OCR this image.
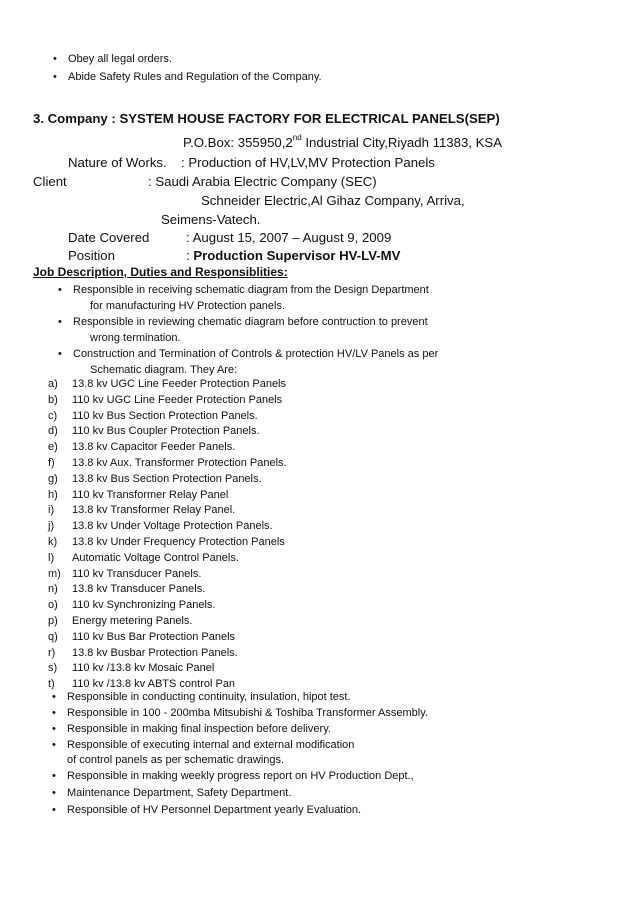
• Obey all legal orders.
• Abide Safety Rules and Regulation of the Company.
3. Company : SYSTEM HOUSE FACTORY FOR ELECTRICAL PANELS(SEP)
P.O.Box: 355950,2nd Industrial City,Riyadh 11383, KSA
Nature of Works. : Production of HV,LV,MV Protection Panels
Client	: Saudi Arabia Electric Company (SEC)
Schneider Electric,Al Gihaz Company, Arriva,
Seimens-Vatech.
Date Covered	: August 15, 2007 – August 9, 2009
Position	: Production Supervisor HV-LV-MV
Job Description, Duties and Responsiblities:
• Responsible in receiving schematic diagram from the Design Department
for manufacturing HV Protection panels.
• Responsible in reviewing chematic diagram before contruction to prevent
wrong termination.
• Construction and Termination of Controls & protection HV/LV Panels as per
Schematic diagram. They Are:
a) 13.8 kv UGC Line Feeder Protection Panels
b) 110 kv UGC Line Feeder Protection Panels
c) 110 kv Bus Section Protection Panels.
d) 110 kv Bus Coupler Protection Panels.
e) 13.8 kv Capacitor Feeder Panels.
f) 13.8 kv Aux. Transformer Protection Panels.
g) 13.8 kv Bus Section Protection Panels.
h) 110 kv Transformer Relay Panel
i) 13.8 kv Transformer Relay Panel.
j) 13.8 kv Under Voltage Protection Panels.
k) 13.8 kv Under Frequency Protection Panels
l) Automatic Voltage Control Panels.
m) 110 kv Transducer Panels.
n) 13.8 kv Transducer Panels.
o) 110 kv Synchronizing Panels.
p) Energy metering Panels.
q) 110 kv Bus Bar Protection Panels
r) 13.8 kv Busbar Protection Panels.
s) 110 kv /13.8 kv Mosaic Panel
t) 110 kv /13.8 kv ABTS control Pan
• Responsible in conducting continuity, insulation, hipot test.
• Responsible in 100 - 200mba Mitsubishi & Toshiba Transformer Assembly.
• Responsible in making final inspection before delivery.
• Responsible of executing internal and external modification
of control panels as per schematic drawings.
• Responsible in making weekly progress report on HV Production Dept.,
• Maintenance Department, Safety Department.
• Responsible of HV Personnel Department yearly Evaluation.
